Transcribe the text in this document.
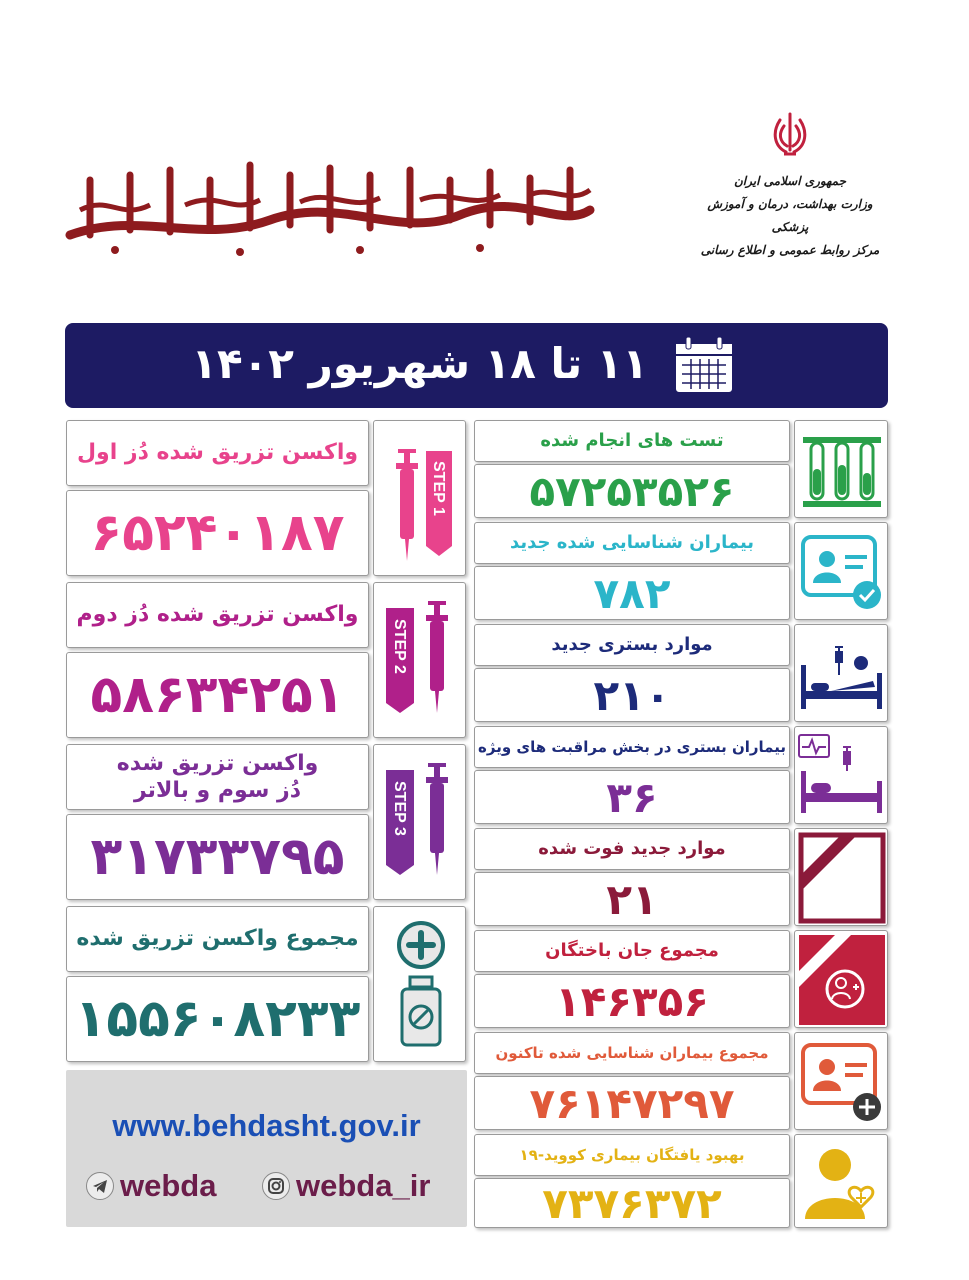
جمهوری اسلامی ایران
وزارت بهداشت، درمان و آموزش پزشکی
مرکز روابط عمومی و اطلاع رسانی
۱۱ تا ۱۸ شهریور ۱۴۰۲
واکسن تزریق شده دُز اول
۶۵۲۴۰۱۸۷
STEP 1
واکسن تزریق شده دُز دوم
۵۸۶۳۴۲۵۱
STEP 2
واکسن تزریق شده
دُز سوم و بالاتر
۳۱۷۳۳۷۹۵
STEP 3
مجموع واکسن تزریق شده
۱۵۵۶۰۸۲۳۳
تست های انجام شده
۵۷۲۵۳۵۲۶
بیماران شناسایی شده جدید
۷۸۲
موارد بستری جدید
۲۱۰
بیماران بستری در بخش مراقبت های ویژه
۳۶
موارد جدید فوت شده
۲۱
مجموع جان باختگان
۱۴۶۳۵۶
مجموع بیماران شناسایی شده تاکنون
۷۶۱۴۷۲۹۷
بهبود یافتگان بیماری کووید-۱۹
۷۳۷۶۳۷۲
www.behdasht.gov.ir
webda	webda_ir
